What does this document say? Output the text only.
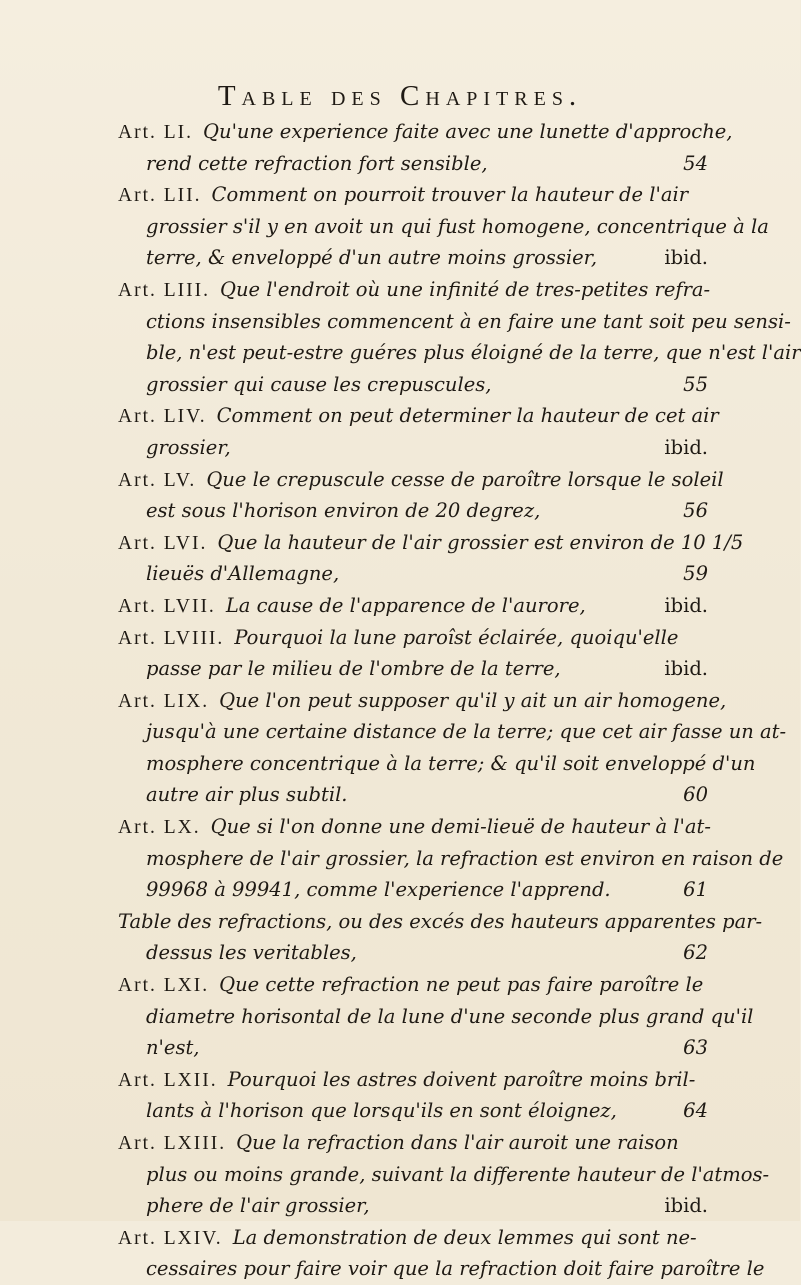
Table des Chapitres.
Art. LI. Qu'une experience faite avec une lunette d'approche,
rend cette refraction fort sensible,	54
Art. LII. Comment on pourroit trouver la hauteur de l'air
grossier s'il y en avoit un qui fust homogene, concentrique à la
terre, & enveloppé d'un autre moins grossier,	ibid.
Art. LIII. Que l'endroit où une infinité de tres-petites refra-
ctions insensibles commencent à en faire une tant soit peu sensi-
ble, n'est peut-estre guéres plus éloigné de la terre, que n'est l'air
grossier qui cause les crepuscules,	55
Art. LIV. Comment on peut determiner la hauteur de cet air
grossier,	ibid.
Art. LV. Que le crepuscule cesse de paroître lorsque le soleil
est sous l'horison environ de 20 degrez,	56
Art. LVI. Que la hauteur de l'air grossier est environ de 10 1/5
lieuës d'Allemagne,	59
Art. LVII. La cause de l'apparence de l'aurore,	ibid.
Art. LVIII. Pourquoi la lune paroîst éclairée, quoiqu'elle
passe par le milieu de l'ombre de la terre,	ibid.
Art. LIX. Que l'on peut supposer qu'il y ait un air homogene,
jusqu'à une certaine distance de la terre; que cet air fasse un at-
mosphere concentrique à la terre; & qu'il soit enveloppé d'un
autre air plus subtil.	60
Art. LX. Que si l'on donne une demi-lieuë de hauteur à l'at-
mosphere de l'air grossier, la refraction est environ en raison de
99968 à 99941, comme l'experience l'apprend.	61
Table des refractions, ou des excés des hauteurs apparentes par-
dessus les veritables,	62
Art. LXI. Que cette refraction ne peut pas faire paroître le
diametre horisontal de la lune d'une seconde plus grand qu'il
n'est,	63
Art. LXII. Pourquoi les astres doivent paroître moins bril-
lants à l'horison que lorsqu'ils en sont éloignez,	64
Art. LXIII. Que la refraction dans l'air auroit une raison
plus ou moins grande, suivant la differente hauteur de l'atmos-
phere de l'air grossier,	ibid.
Art. LXIV. La demonstration de deux lemmes qui sont ne-
cessaires pour faire voir que la refraction doit faire paroître le
